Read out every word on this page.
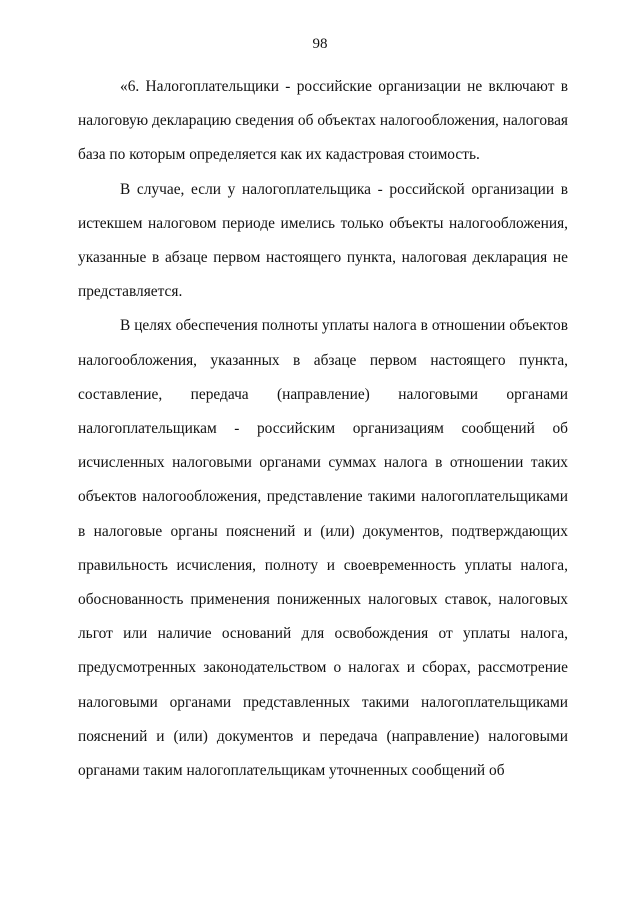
98

«6. Налогоплательщики - российские организации не включают в налоговую декларацию сведения об объектах налогообложения, налоговая база по которым определяется как их кадастровая стоимость.

В случае, если у налогоплательщика - российской организации в истекшем налоговом периоде имелись только объекты налогообложения, указанные в абзаце первом настоящего пункта, налоговая декларация не представляется.

В целях обеспечения полноты уплаты налога в отношении объектов налогообложения, указанных в абзаце первом настоящего пункта, составление, передача (направление) налоговыми органами налогоплательщикам - российским организациям сообщений об исчисленных налоговыми органами суммах налога в отношении таких объектов налогообложения, представление такими налогоплательщиками в налоговые органы пояснений и (или) документов, подтверждающих правильность исчисления, полноту и своевременность уплаты налога, обоснованность применения пониженных налоговых ставок, налоговых льгот или наличие оснований для освобождения от уплаты налога, предусмотренных законодательством о налогах и сборах, рассмотрение налоговыми органами представленных такими налогоплательщиками пояснений и (или) документов и передача (направление) налоговыми органами таким налогоплательщикам уточненных сообщений об
